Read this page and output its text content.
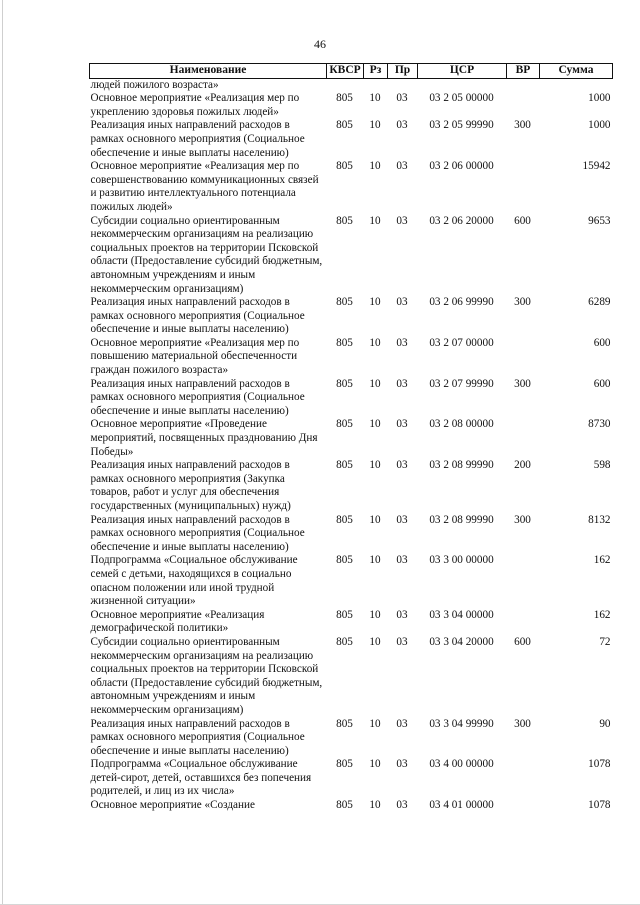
46
Наименование	КВСР	Рз	Пр	ЦСР	ВР	Сумма
людей пожилого возраста»						
Основное мероприятие «Реализация мер по укреплению здоровья пожилых людей»	805	10	03	03 2 05 00000		1000
Реализация иных направлений расходов в рамках основного мероприятия (Социальное обеспечение и иные выплаты населению)	805	10	03	03 2 05 99990	300	1000
Основное мероприятие «Реализация мер по совершенствованию коммуникационных связей и развитию интеллектуального потенциала пожилых людей»	805	10	03	03 2 06 00000		15942
Субсидии социально ориентированным некоммерческим организациям на реализацию социальных проектов на территории Псковской области (Предоставление субсидий бюджетным, автономным учреждениям и иным некоммерческим организациям)	805	10	03	03 2 06 20000	600	9653
Реализация иных направлений расходов в рамках основного мероприятия (Социальное обеспечение и иные выплаты населению)	805	10	03	03 2 06 99990	300	6289
Основное мероприятие «Реализация мер по повышению материальной обеспеченности граждан пожилого возраста»	805	10	03	03 2 07 00000		600
Реализация иных направлений расходов в рамках основного мероприятия (Социальное обеспечение и иные выплаты населению)	805	10	03	03 2 07 99990	300	600
Основное мероприятие «Проведение мероприятий, посвященных празднованию Дня Победы»	805	10	03	03 2 08 00000		8730
Реализация иных направлений расходов в рамках основного мероприятия (Закупка товаров, работ и услуг для обеспечения государственных (муниципальных) нужд)	805	10	03	03 2 08 99990	200	598
Реализация иных направлений расходов в рамках основного мероприятия (Социальное обеспечение и иные выплаты населению)	805	10	03	03 2 08 99990	300	8132
Подпрограмма «Социальное обслуживание семей с детьми, находящихся в социально опасном положении или иной трудной жизненной ситуации»	805	10	03	03 3 00 00000		162
Основное мероприятие «Реализация демографической политики»	805	10	03	03 3 04 00000		162
Субсидии социально ориентированным некоммерческим организациям на реализацию социальных проектов на территории Псковской области (Предоставление субсидий бюджетным, автономным учреждениям и иным некоммерческим организациям)	805	10	03	03 3 04 20000	600	72
Реализация иных направлений расходов в рамках основного мероприятия (Социальное обеспечение и иные выплаты населению)	805	10	03	03 3 04 99990	300	90
Подпрограмма «Социальное обслуживание детей-сирот, детей, оставшихся без попечения родителей, и лиц из их числа»	805	10	03	03 4 00 00000		1078
Основное мероприятие «Создание	805	10	03	03 4 01 00000		1078
